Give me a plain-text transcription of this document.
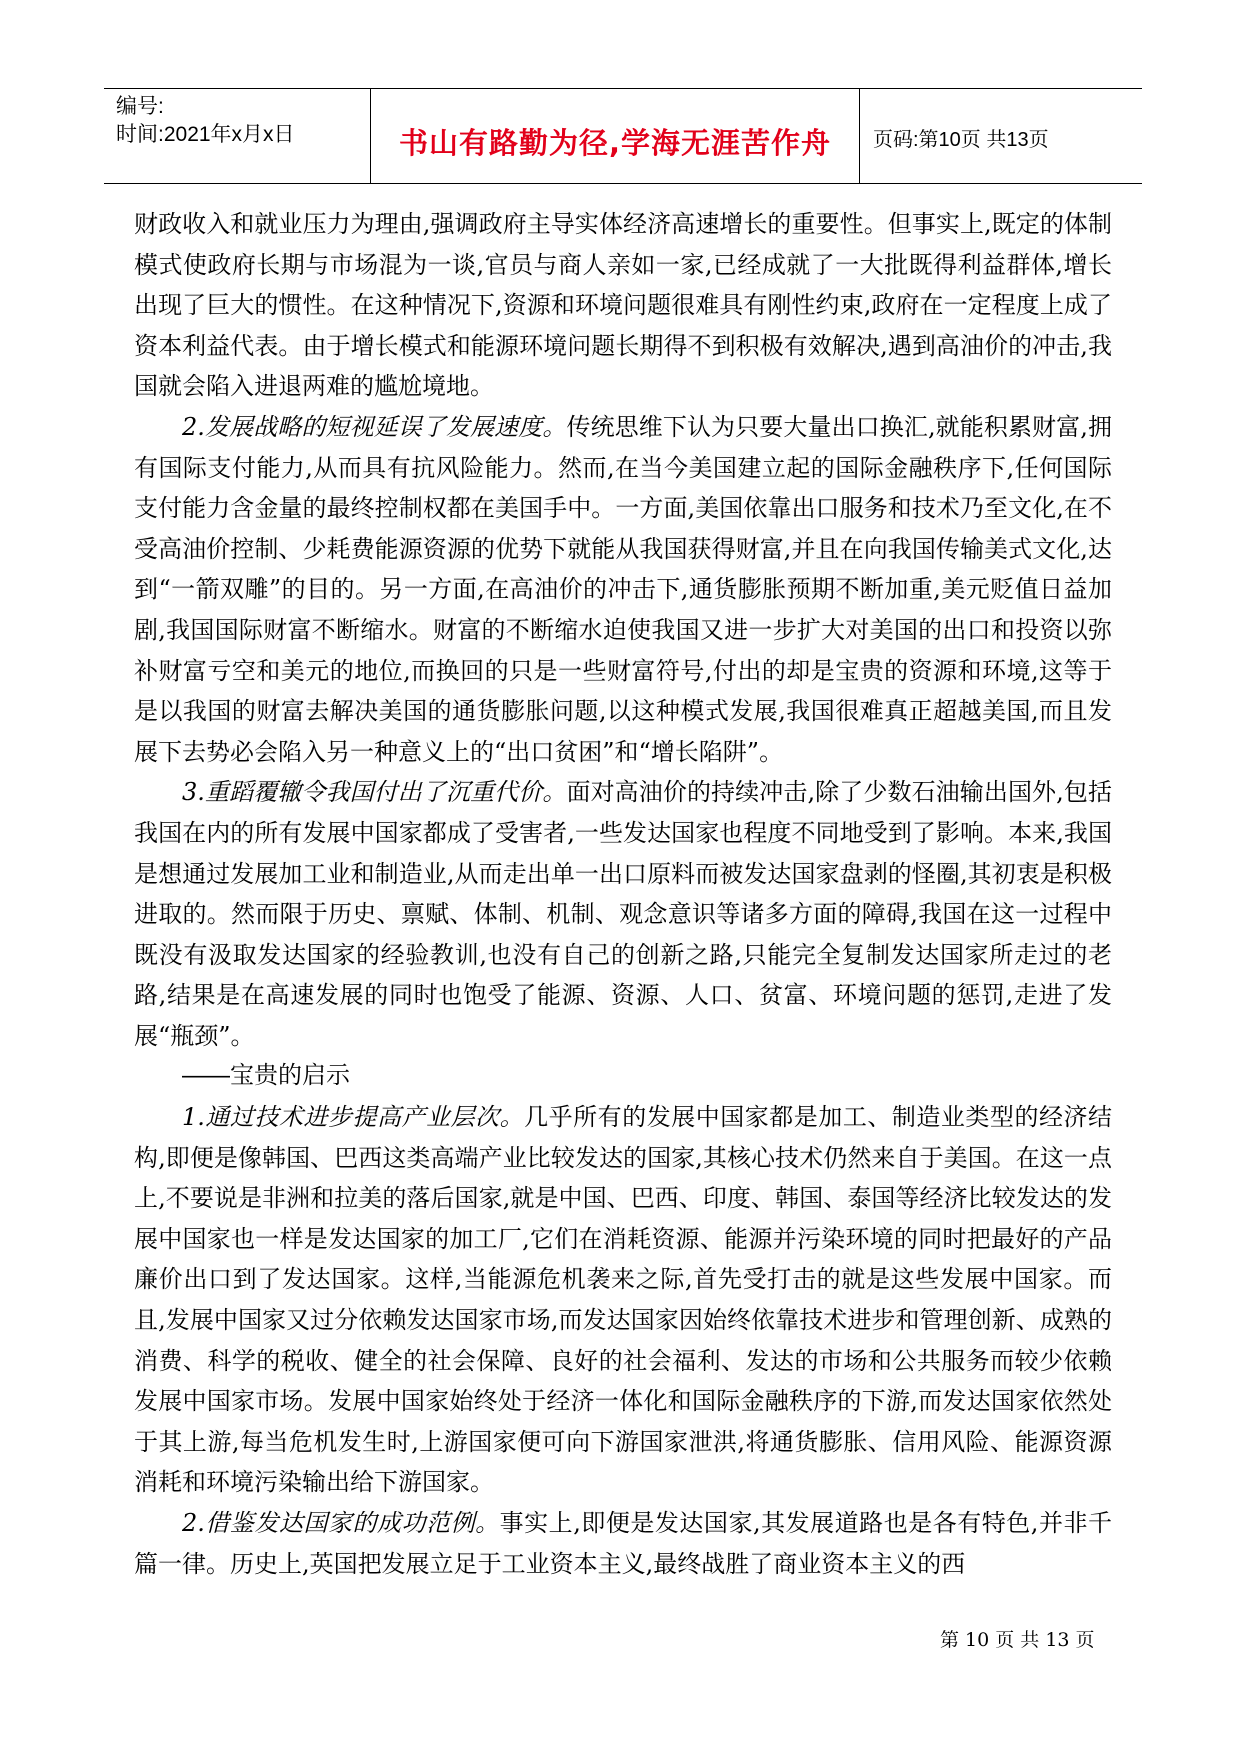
编号:
时间:2021年x月x日	书山有路勤为径,学海无涯苦作舟	页码:第10页 共13页

财政收入和就业压力为理由,强调政府主导实体经济高速增长的重要性。但事实上,既定的体制模式使政府长期与市场混为一谈,官员与商人亲如一家,已经成就了一大批既得利益群体,增长出现了巨大的惯性。在这种情况下,资源和环境问题很难具有刚性约束,政府在一定程度上成了资本利益代表。由于增长模式和能源环境问题长期得不到积极有效解决,遇到高油价的冲击,我国就会陷入进退两难的尴尬境地。

2.发展战略的短视延误了发展速度。传统思维下认为只要大量出口换汇,就能积累财富,拥有国际支付能力,从而具有抗风险能力。然而,在当今美国建立起的国际金融秩序下,任何国际支付能力含金量的最终控制权都在美国手中。一方面,美国依靠出口服务和技术乃至文化,在不受高油价控制、少耗费能源资源的优势下就能从我国获得财富,并且在向我国传输美式文化,达到“一箭双雕”的目的。另一方面,在高油价的冲击下,通货膨胀预期不断加重,美元贬值日益加剧,我国国际财富不断缩水。财富的不断缩水迫使我国又进一步扩大对美国的出口和投资以弥补财富亏空和美元的地位,而换回的只是一些财富符号,付出的却是宝贵的资源和环境,这等于是以我国的财富去解决美国的通货膨胀问题,以这种模式发展,我国很难真正超越美国,而且发展下去势必会陷入另一种意义上的“出口贫困”和“增长陷阱”。

3.重蹈覆辙令我国付出了沉重代价。面对高油价的持续冲击,除了少数石油输出国外,包括我国在内的所有发展中国家都成了受害者,一些发达国家也程度不同地受到了影响。本来,我国是想通过发展加工业和制造业,从而走出单一出口原料而被发达国家盘剥的怪圈,其初衷是积极进取的。然而限于历史、禀赋、体制、机制、观念意识等诸多方面的障碍,我国在这一过程中既没有汲取发达国家的经验教训,也没有自己的创新之路,只能完全复制发达国家所走过的老路,结果是在高速发展的同时也饱受了能源、资源、人口、贫富、环境问题的惩罚,走进了发展“瓶颈”。

——宝贵的启示

1.通过技术进步提高产业层次。几乎所有的发展中国家都是加工、制造业类型的经济结构,即便是像韩国、巴西这类高端产业比较发达的国家,其核心技术仍然来自于美国。在这一点上,不要说是非洲和拉美的落后国家,就是中国、巴西、印度、韩国、泰国等经济比较发达的发展中国家也一样是发达国家的加工厂,它们在消耗资源、能源并污染环境的同时把最好的产品廉价出口到了发达国家。这样,当能源危机袭来之际,首先受打击的就是这些发展中国家。而且,发展中国家又过分依赖发达国家市场,而发达国家因始终依靠技术进步和管理创新、成熟的消费、科学的税收、健全的社会保障、良好的社会福利、发达的市场和公共服务而较少依赖发展中国家市场。发展中国家始终处于经济一体化和国际金融秩序的下游,而发达国家依然处于其上游,每当危机发生时,上游国家便可向下游国家泄洪,将通货膨胀、信用风险、能源资源消耗和环境污染输出给下游国家。

2.借鉴发达国家的成功范例。事实上,即便是发达国家,其发展道路也是各有特色,并非千篇一律。历史上,英国把发展立足于工业资本主义,最终战胜了商业资本主义的西

第 10 页 共 13 页
